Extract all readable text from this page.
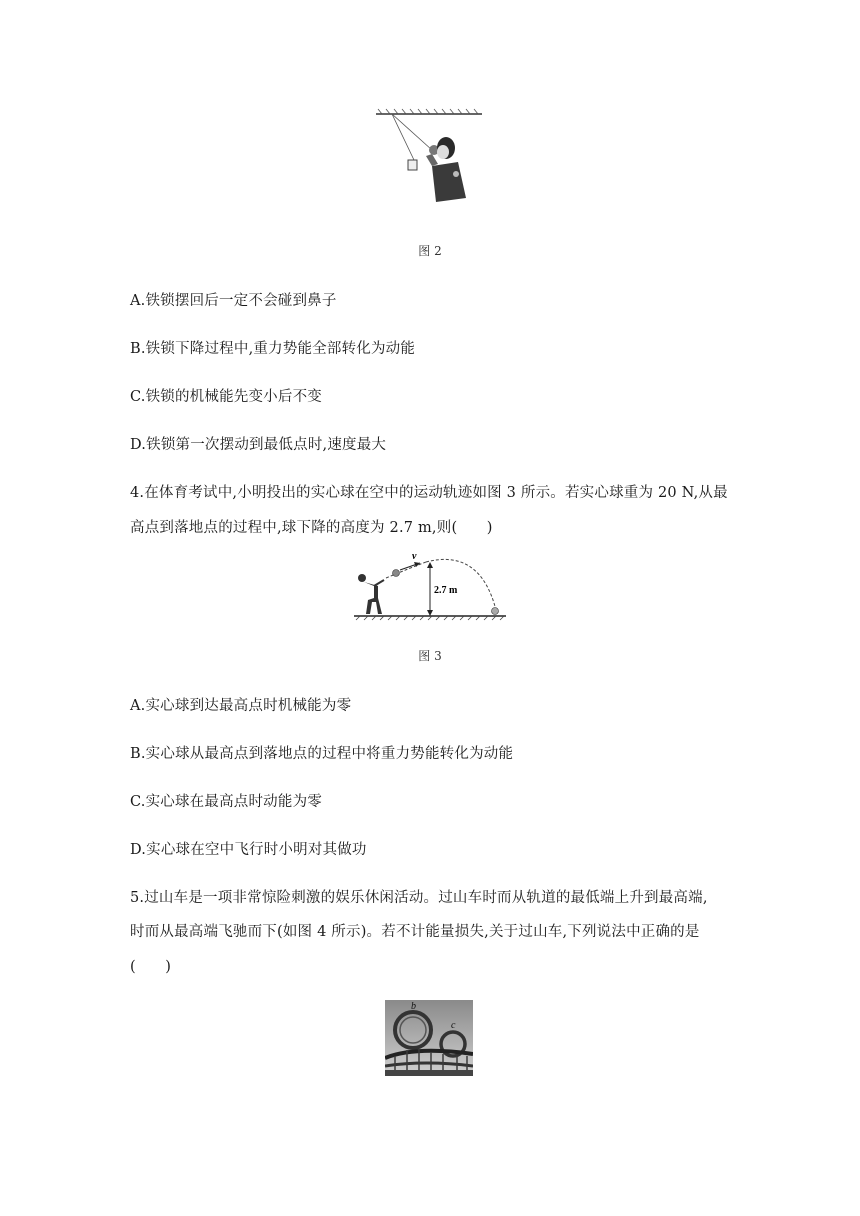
图 2
A.铁锁摆回后一定不会碰到鼻子
B.铁锁下降过程中,重力势能全部转化为动能
C.铁锁的机械能先变小后不变
D.铁锁第一次摆动到最低点时,速度最大
4.在体育考试中,小明投出的实心球在空中的运动轨迹如图 3 所示。若实心球重为 20 N,从最
高点到落地点的过程中,球下降的高度为 2.7 m,则(　　)
v
2.7 m
图 3
A.实心球到达最高点时机械能为零
B.实心球从最高点到落地点的过程中将重力势能转化为动能
C.实心球在最高点时动能为零
D.实心球在空中飞行时小明对其做功
5.过山车是一项非常惊险刺激的娱乐休闲活动。过山车时而从轨道的最低端上升到最高端,
时而从最高端飞驰而下(如图 4 所示)。若不计能量损失,关于过山车,下列说法中正确的是
(　　)
b
c
